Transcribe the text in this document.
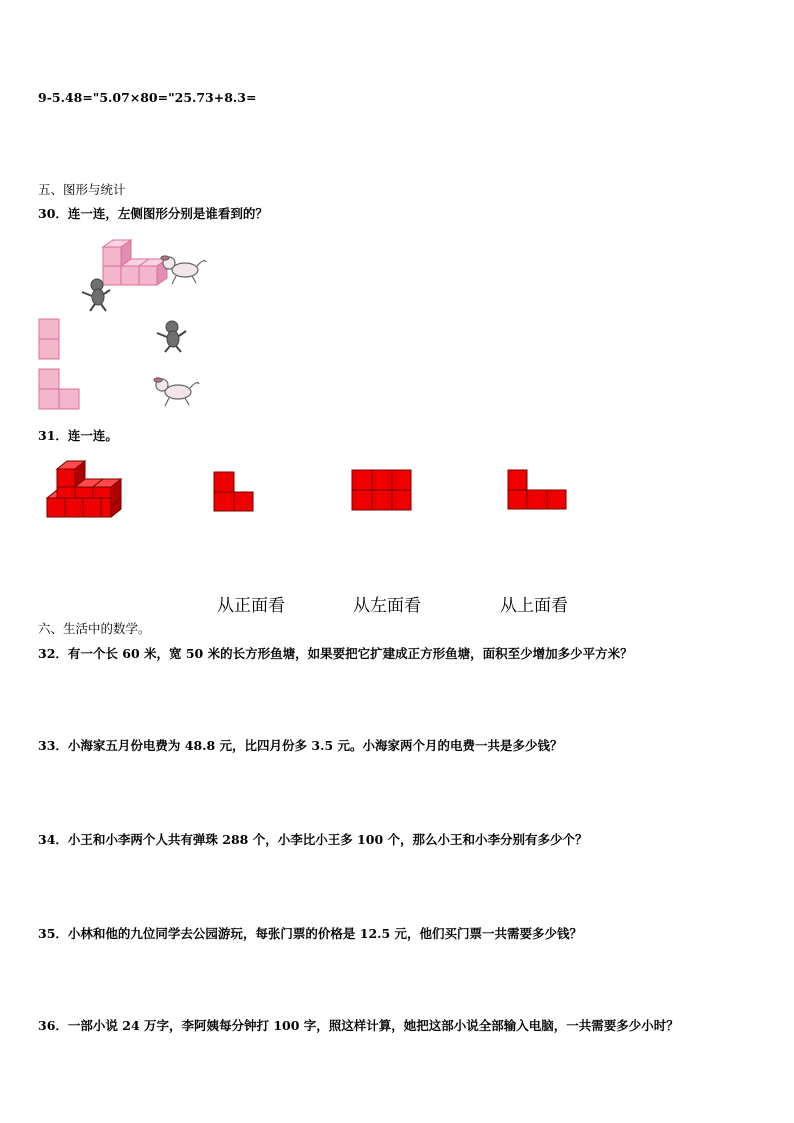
9-5.48="5.07×80="25.73+8.3=
五、图形与统计
30．连一连，左侧图形分别是谁看到的？
31．连一连。
从正面看	从左面看	从上面看
六、生活中的数学。
32．有一个长 60 米，宽 50 米的长方形鱼塘，如果要把它扩建成正方形鱼塘，面积至少增加多少平方米？
33．小海家五月份电费为 48.8 元，比四月份多 3.5 元。小海家两个月的电费一共是多少钱？
34．小王和小李两个人共有弹珠 288 个，小李比小王多 100 个，那么小王和小李分别有多少个？
35．小林和他的九位同学去公园游玩，每张门票的价格是 12.5 元，他们买门票一共需要多少钱？
36．一部小说 24 万字，李阿姨每分钟打 100 字，照这样计算，她把这部小说全部输入电脑，一共需要多少小时？
